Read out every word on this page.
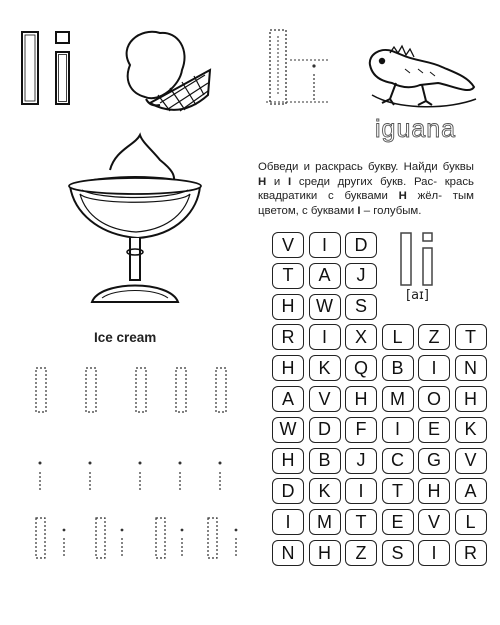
Ice cream
iguana
Обведи и раскрась букву. Найди буквы H и I среди других букв. Рас- крась квадратики с буквами H жёл- тым цветом, с буквами I – голубым.
[aɪ]
V	I	D
T	A	J
H	W	S
R	I	X	L	Z	T
H	K	Q	B	I	N
A	V	H	M	O	H
W	D	F	I	E	K
H	B	J	C	G	V
D	K	I	T	H	A
I	M	T	E	V	L
N	H	Z	S	I	R
